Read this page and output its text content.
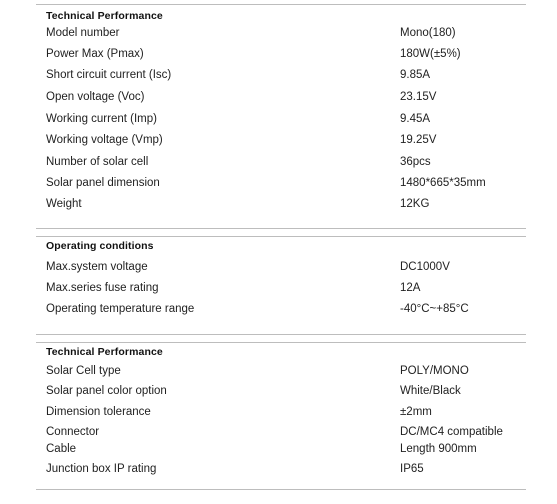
Technical Performance
Model number	Mono(180)
Power Max (Pmax)	180W(±5%)
Short circuit current (Isc)	9.85A
Open voltage (Voc)	23.15V
Working current (Imp)	9.45A
Working voltage (Vmp)	19.25V
Number of solar cell	36pcs
Solar panel dimension	1480*665*35mm
Weight	12KG
Operating conditions
Max.system voltage	DC1000V
Max.series fuse rating	12A
Operating temperature range	-40°C~+85°C
Technical Performance
Solar Cell type	POLY/MONO
Solar panel color option	White/Black
Dimension tolerance	±2mm
Connector	DC/MC4 compatible
Cable	Length 900mm
Junction box IP rating	IP65
